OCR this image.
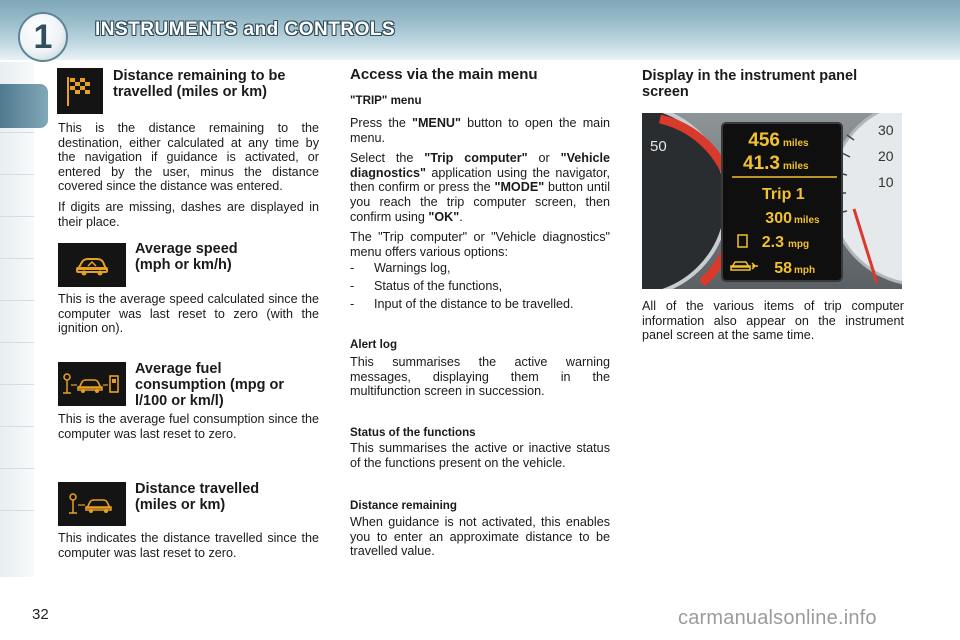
1	INSTRUMENTS and CONTROLS
Distance remaining to be
travelled (miles or km)

This is the distance remaining to the destination, either calculated at any time by the navigation if guidance is activated, or entered by the user, minus the distance covered since the distance was entered.

If digits are missing, dashes are displayed in their place.

Average speed
(mph or km/h)

This is the average speed calculated since the computer was last reset to zero (with the ignition on).

Average fuel
consumption (mpg or
l/100 or km/l)

This is the average fuel consumption since the computer was last reset to zero.

Distance travelled
(miles or km)

This indicates the distance travelled since the computer was last reset to zero.

Access via the main menu
"TRIP" menu

Press the "MENU" button to open the main menu.

Select the "Trip computer" or "Vehicle diagnostics" application using the navigator, then confirm or press the "MODE" button until you reach the trip computer screen, then confirm using "OK".

The "Trip computer" or "Vehicle diagnostics" menu offers various options:

- Warnings log,
- Status of the functions,
- Input of the distance to be travelled.
Alert log

This summarises the active warning messages, displaying them in the multifunction screen in succession.

Status of the functions

This summarises the active or inactive status of the functions present on the vehicle.

Distance remaining

When guidance is not activated, this enables you to enter an approximate distance to be travelled value.

Display in the instrument panel
screen
50
30
20
10
456 miles
41.3 miles
Trip 1
300 miles
2.3 mpg
58 mph

All of the various items of trip computer information also appear on the instrument panel screen at the same time.

32	carmanualsonline.info
